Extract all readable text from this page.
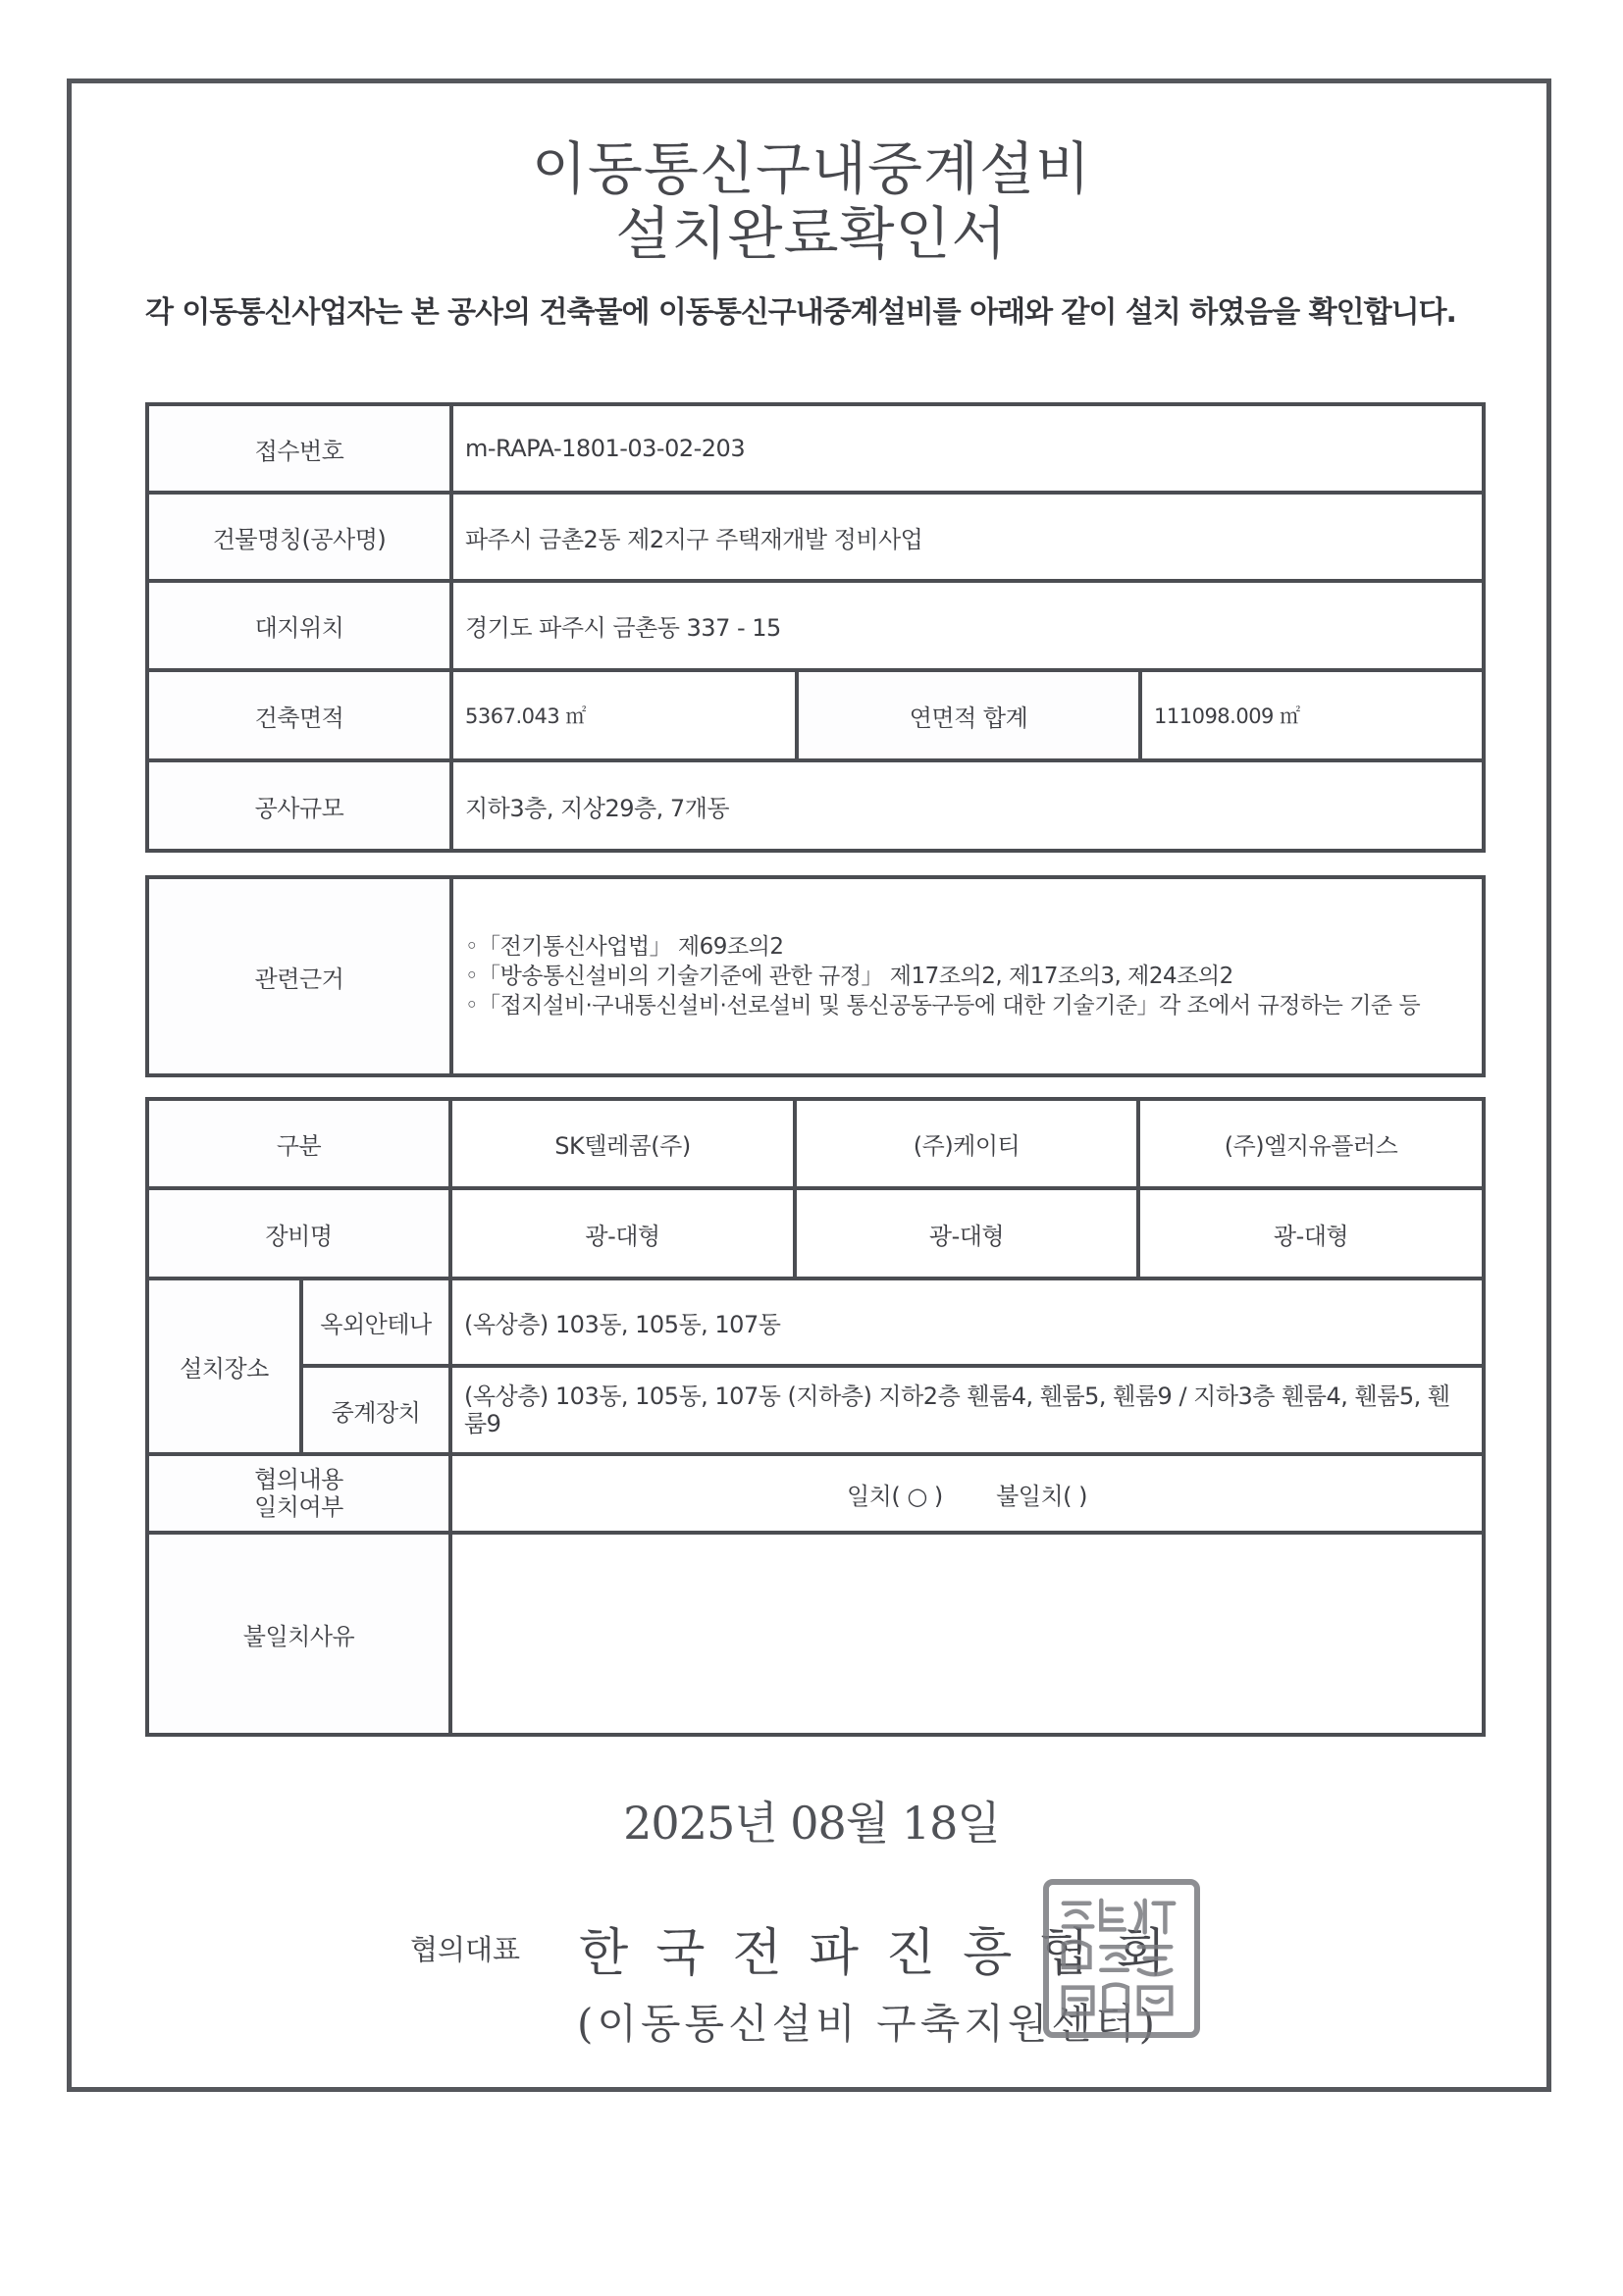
이동통신구내중계설비
설치완료확인서
각 이동통신사업자는 본 공사의 건축물에 이동통신구내중계설비를 아래와 같이 설치 하였음을 확인합니다.
접수번호	m-RAPA-1801-03-02-203		
건물명칭(공사명)	파주시 금촌2동 제2지구 주택재개발 정비사업		
대지위치	경기도 파주시 금촌동 337 - 15		
건축면적	5367.043 ㎡	연면적 합계	111098.009 ㎡
공사규모	지하3층, 지상29층, 7개동		
관련근거	
◦「전기통신사업법」 제69조의2
◦「방송통신설비의 기술기준에 관한 규정」 제17조의2, 제17조의3, 제24조의2
◦「접지설비·구내통신설비·선로설비 및 통신공동구등에 대한 기술기준」각 조에서 규정하는 기준 등
구분		SK텔레콤(주)	(주)케이티	(주)엘지유플러스
장비명		광-대형	광-대형	광-대형
설치장소	옥외안테나	(옥상층) 103동, 105동, 107동		
	중계장치	(옥상층) 103동, 105동, 107동 (지하층) 지하2층 휀룸4, 휀룸5, 휀룸9 / 지하3층 휀룸4, 휀룸5, 휀룸9		

협의내용
일치여부		일치( ○ ) 불일치( )		
불일치사유				
2025년 08월 18일
협의대표 한국전파진흥협회
(이동통신설비 구축지원센터)
